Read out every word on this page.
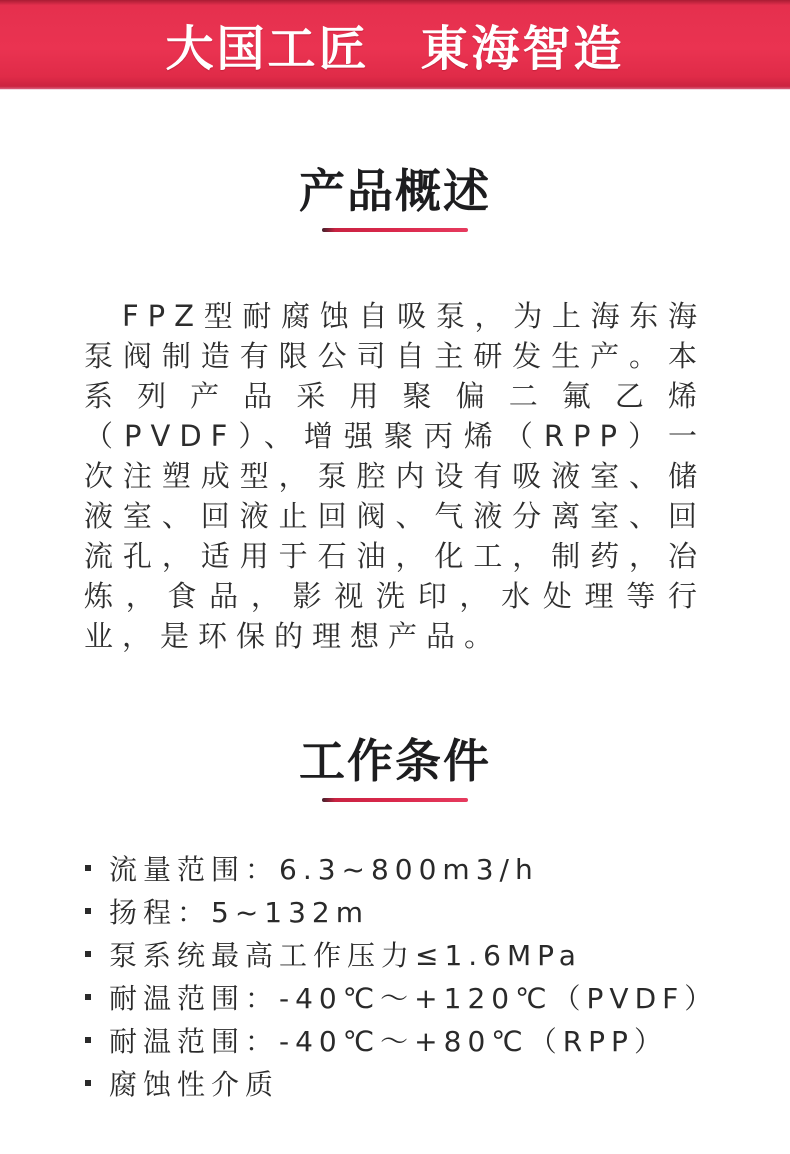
大国工匠　東海智造
产品概述

FPZ型耐腐蚀自吸泵，为上海东海泵阀制造有限公司自主研发生产。本系列产品采用聚偏二氟乙烯（PVDF）、增强聚丙烯（RPP）一次注塑成型，泵腔内设有吸液室、储液室、回液止回阀、气液分离室、回流孔，适用于石油，化工，制药，冶炼，食品，影视洗印，水处理等行业，是环保的理想产品。

工作条件
流量范围：6.3~800m3/h
扬程：5~132m
泵系统最高工作压力≤1.6MPa
耐温范围：-40℃～+120℃（PVDF）
耐温范围：-40℃～+80℃（RPP）
腐蚀性介质
